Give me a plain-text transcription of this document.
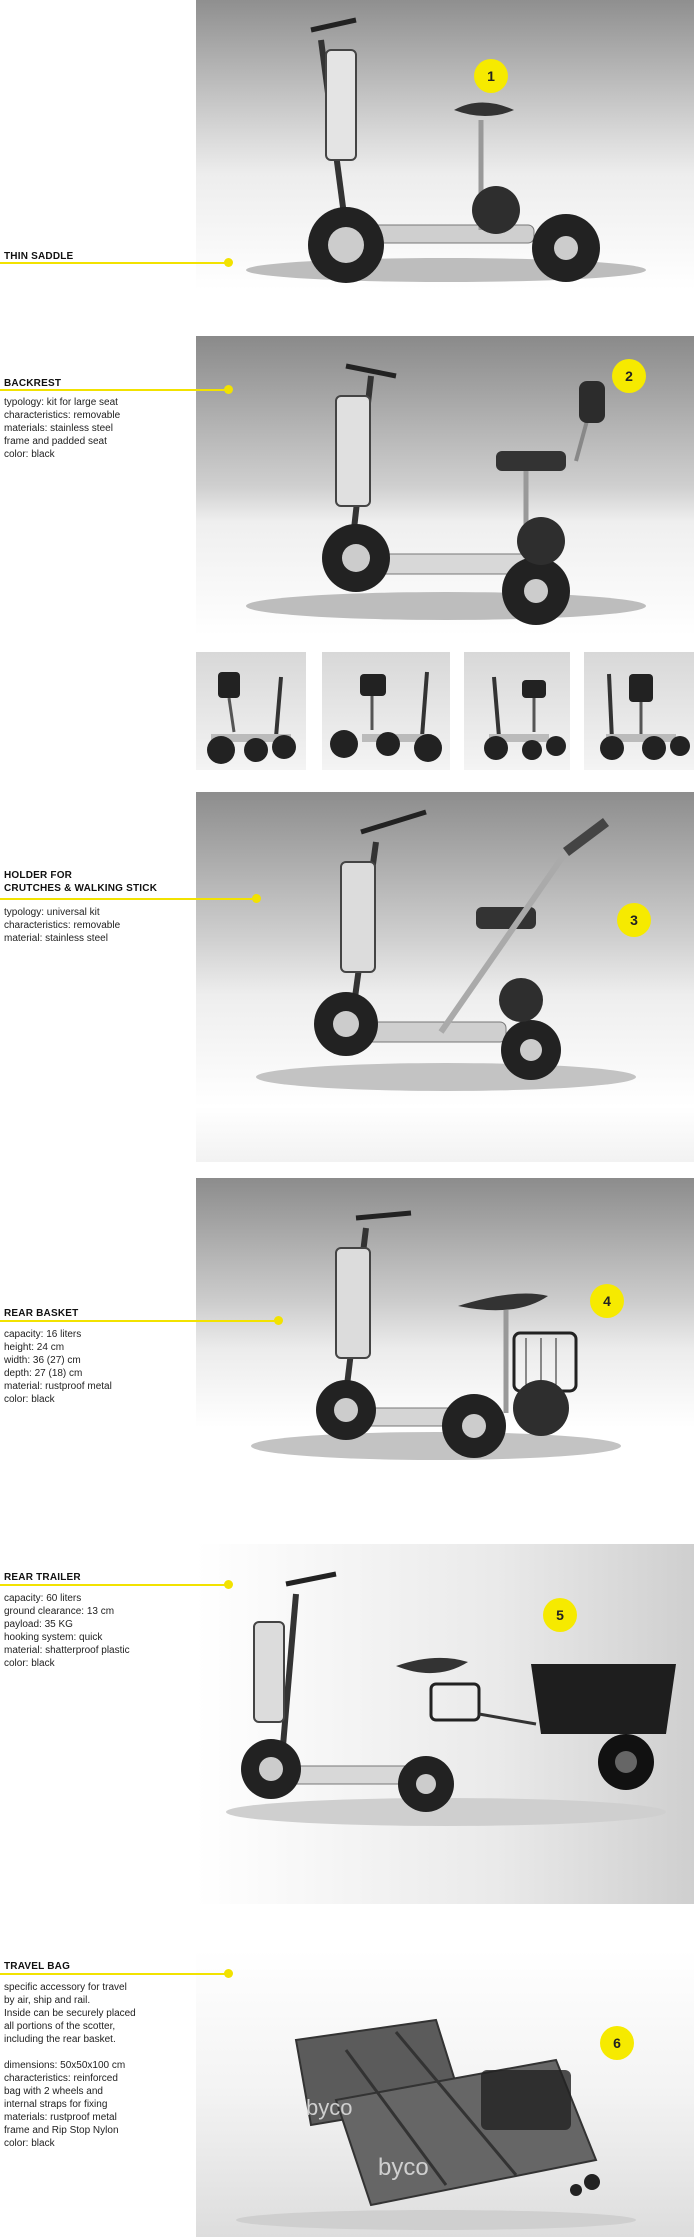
1
THIN SADDLE
2
BACKREST
typology: kit for large seat
characteristics: removable
materials: stainless steel
frame and padded seat
color: black
3
HOLDER FOR
CRUTCHES & WALKING STICK
typology: universal kit
characteristics: removable
material: stainless steel
4
REAR BASKET
capacity: 16 liters
height: 24 cm
width: 36 (27) cm
depth: 27 (18) cm
material: rustproof metal
color: black
5
REAR TRAILER
capacity: 60 liters
ground clearance: 13 cm
payload: 35 KG
hooking system: quick
material: shatterproof plastic
color: black
byco
byco
6
TRAVEL BAG
specific accessory for travel
by air, ship and rail.
Inside can be securely placed
all portions of the scotter,
including the rear basket.

dimensions: 50x50x100 cm
characteristics: reinforced
bag with 2 wheels and
internal straps for fixing
materials: rustproof metal
frame and Rip Stop Nylon
color: black
